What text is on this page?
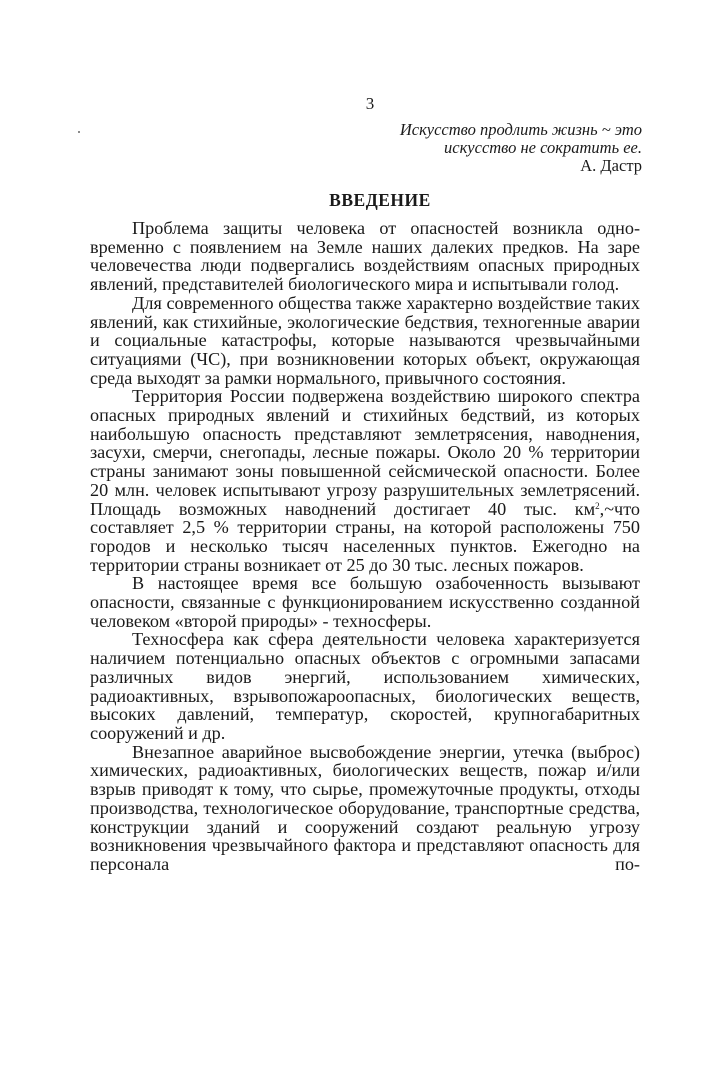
3
Искусство продлить жизнь ~ это
искусство не сократить ее.
А. Дастр
ВВЕДЕНИЕ

Проблема защиты человека от опасностей возникла одновременно с появлением на Земле наших далеких предков. На заре человечества люди подвергались воздействиям опасных природных явлений, представителей биологического мира и испытывали голод.

Для современного общества также характерно воздействие таких явлений, как стихийные, экологические бедствия, техногенные аварии и социальные катастрофы, которые называются чрезвычайными ситуациями (ЧС), при возникновении которых объект, окружающая среда выходят за рамки нормального, привычного состояния.

Территория России подвержена воздействию широкого спектра опасных природных явлений и стихийных бедствий, из которых наибольшую опасность представляют землетрясения, наводнения, засухи, смерчи, снегопады, лесные пожары. Около 20 % территории страны занимают зоны повышенной сейсмической опасности. Более 20 млн. человек испытывают угрозу разрушительных землетрясений. Площадь возможных наводнений достигает 40 тыс. $км^2,\sim что$ составляет 2,5 % территории страны, на которой расположены 750 городов и несколько тысяч населенных пунктов. Ежегодно на территории страны возникает от 25 до 30 тыс. лесных пожаров.

В настоящее время все большую озабоченность вызывают опасности, связанные с функционированием искусственно созданной человеком «второй природы» - техносферы.

Техносфера как сфера деятельности человека характеризуется наличием потенциально опасных объектов с огромными запасами различных видов энергий, использованием химических, радиоактивных, взрывопожароопасных, биологических веществ, высоких давлений, температур, скоростей, крупногабаритных сооружений и др.

Внезапное аварийное высвобождение энергии, утечка (выброс) химических, радиоактивных, биологических веществ, пожар и/или взрыв приводят к тому, что сырье, промежуточные продукты, отходы производства, технологическое оборудование, транспортные средства, конструкции зданий и сооружений создают реальную угрозу возникновения чрезвычайного фактора и представляют опасность для персонала по-
